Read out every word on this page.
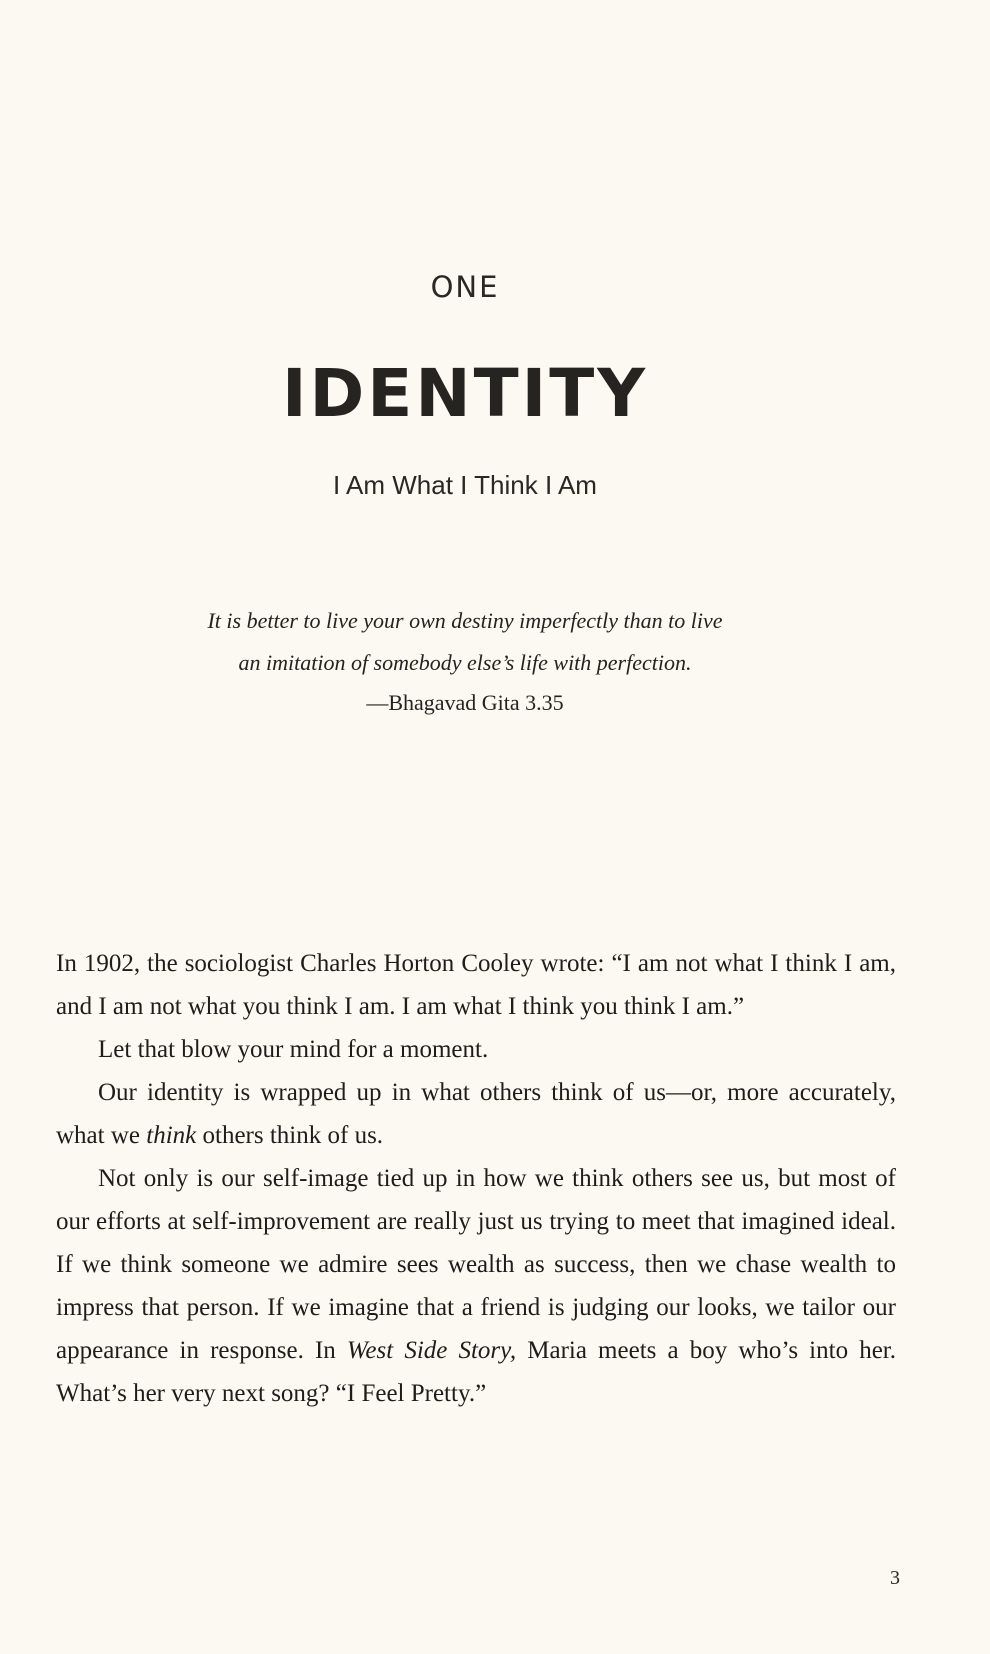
ONE
IDENTITY
I Am What I Think I Am
It is better to live your own destiny imperfectly than to live
an imitation of somebody else’s life with perfection.
—Bhagavad Gita 3.35

In 1902, the sociologist Charles Horton Cooley wrote: “I am not what I think I am, and I am not what you think I am. I am what I think you think I am.”

Let that blow your mind for a moment.

Our identity is wrapped up in what others think of us—or, more accurately, what we think others think of us.

Not only is our self-image tied up in how we think others see us, but most of our efforts at self-improvement are really just us trying to meet that imagined ideal. If we think someone we admire sees wealth as success, then we chase wealth to impress that person. If we imagine that a friend is judging our looks, we tailor our appearance in response. In West Side Story, Maria meets a boy who’s into her. What’s her very next song? “I Feel Pretty.”

3
